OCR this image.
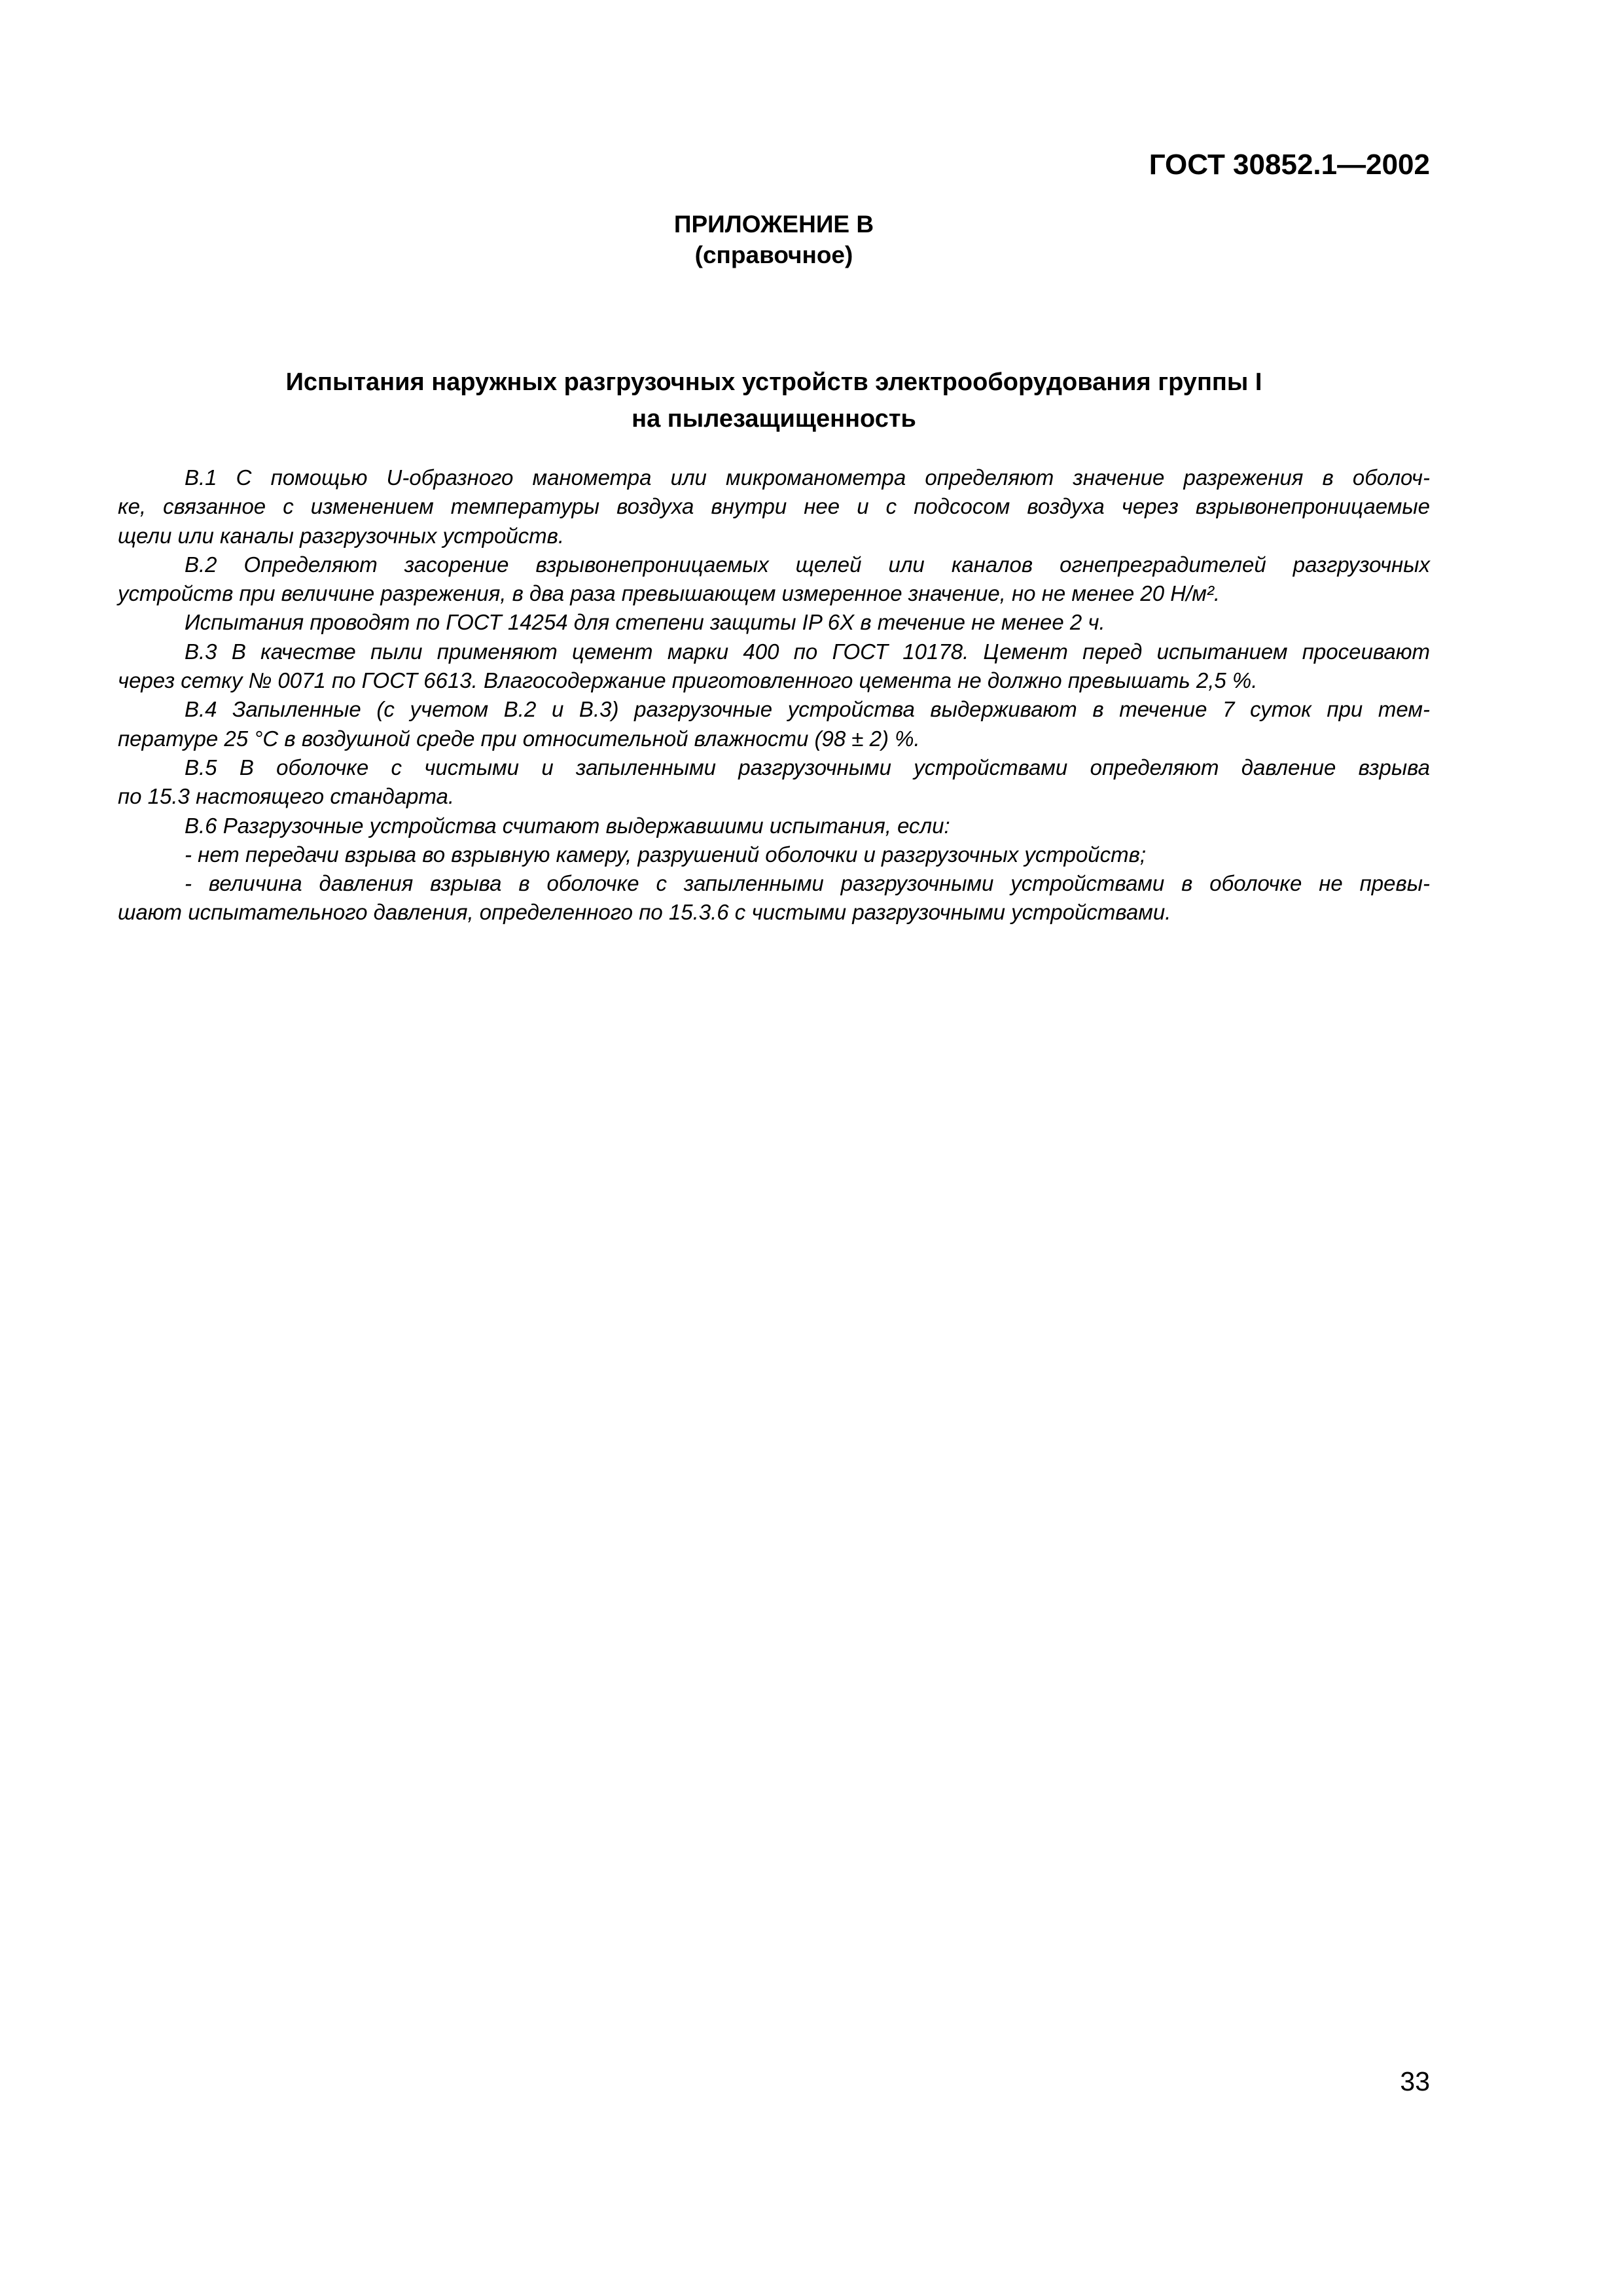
ГОСТ 30852.1—2002
ПРИЛОЖЕНИЕ В
(справочное)
Испытания наружных разгрузочных устройств электрооборудования группы I
на пылезащищенность
В.1 С помощью U-образного манометра или микроманометра определяют значение разрежения в оболоч-
ке, связанное с изменением температуры воздуха внутри нее и с подсосом воздуха через взрывонепроницаемые
щели или каналы разгрузочных устройств.
В.2 Определяют засорение взрывонепроницаемых щелей или каналов огнепреградителей разгрузочных
устройств при величине разрежения, в два раза превышающем измеренное значение, но не менее 20 Н/м².
Испытания проводят по ГОСТ 14254 для степени защиты IP 6X в течение не менее 2 ч.
В.3 В качестве пыли применяют цемент марки 400 по ГОСТ 10178. Цемент перед испытанием просеивают
через сетку № 0071 по ГОСТ 6613. Влагосодержание приготовленного цемента не должно превышать 2,5 %.
В.4 Запыленные (с учетом В.2 и В.3) разгрузочные устройства выдерживают в течение 7 суток при тем-
пературе 25 °С в воздушной среде при относительной влажности (98 ± 2) %.
В.5 В оболочке с чистыми и запыленными разгрузочными устройствами определяют давление взрыва
по 15.3 настоящего стандарта.
В.6 Разгрузочные устройства считают выдержавшими испытания, если:
- нет передачи взрыва во взрывную камеру, разрушений оболочки и разгрузочных устройств;
- величина давления взрыва в оболочке с запыленными разгрузочными устройствами в оболочке не превы-
шают испытательного давления, определенного по 15.3.6 с чистыми разгрузочными устройствами.
33
